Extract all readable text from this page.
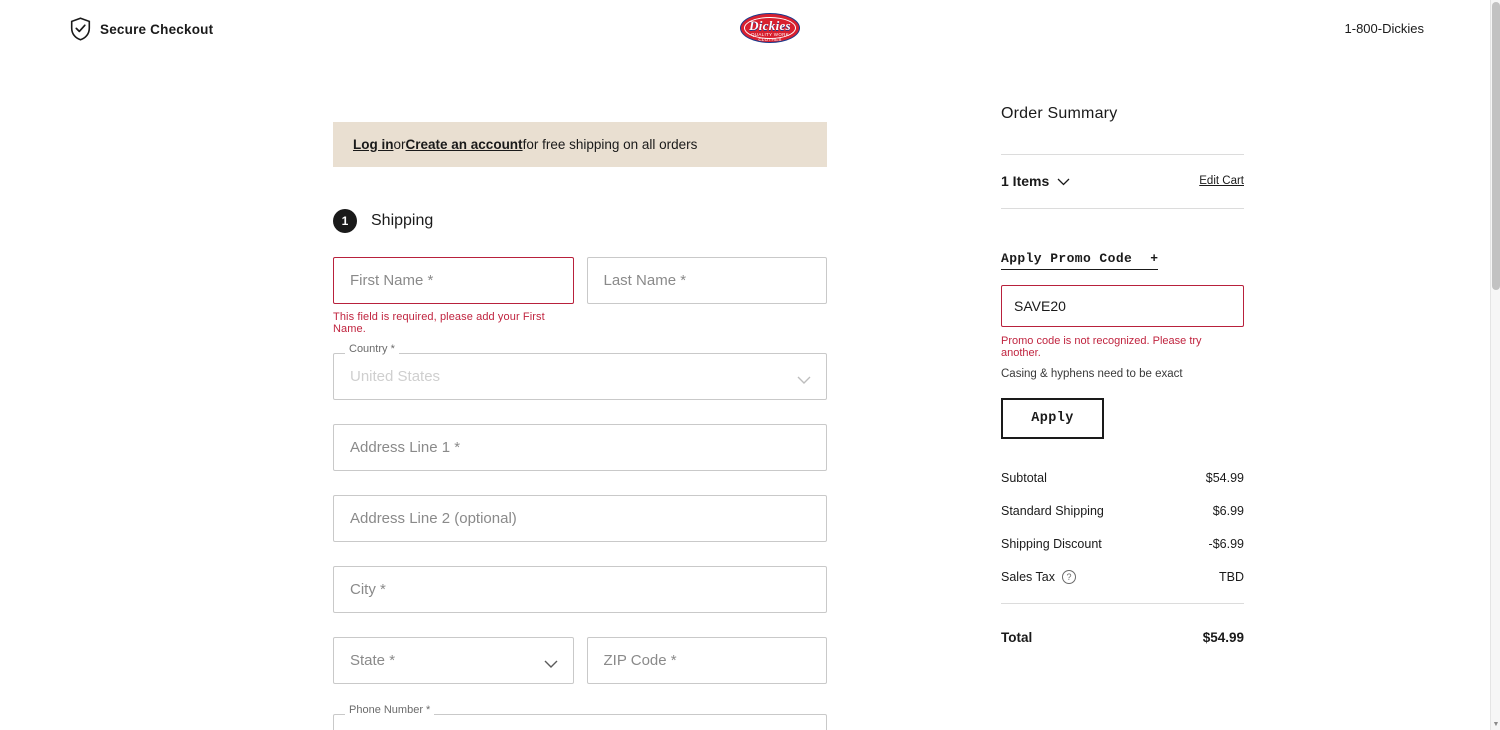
Secure Checkout	Dickies
QUALITY WORK CLOTHES
1-800-Dickies
Log in or Create an account for free shipping on all orders
1	Shipping
First Name *
This field is required, please add your First Name.
Last Name *
Country *
United States
Address Line 1 *
Address Line 2 (optional)
City *
State *
ZIP Code *
Phone Number *
Order Summary
1 Items	Edit Cart
Apply Promo Code +
SAVE20
Promo code is not recognized. Please try another.
Casing & hyphens need to be exact
Apply
Subtotal	$54.99
Standard Shipping	$6.99
Shipping Discount	-$6.99
Sales Tax	?	TBD
Total	$54.99
▼
